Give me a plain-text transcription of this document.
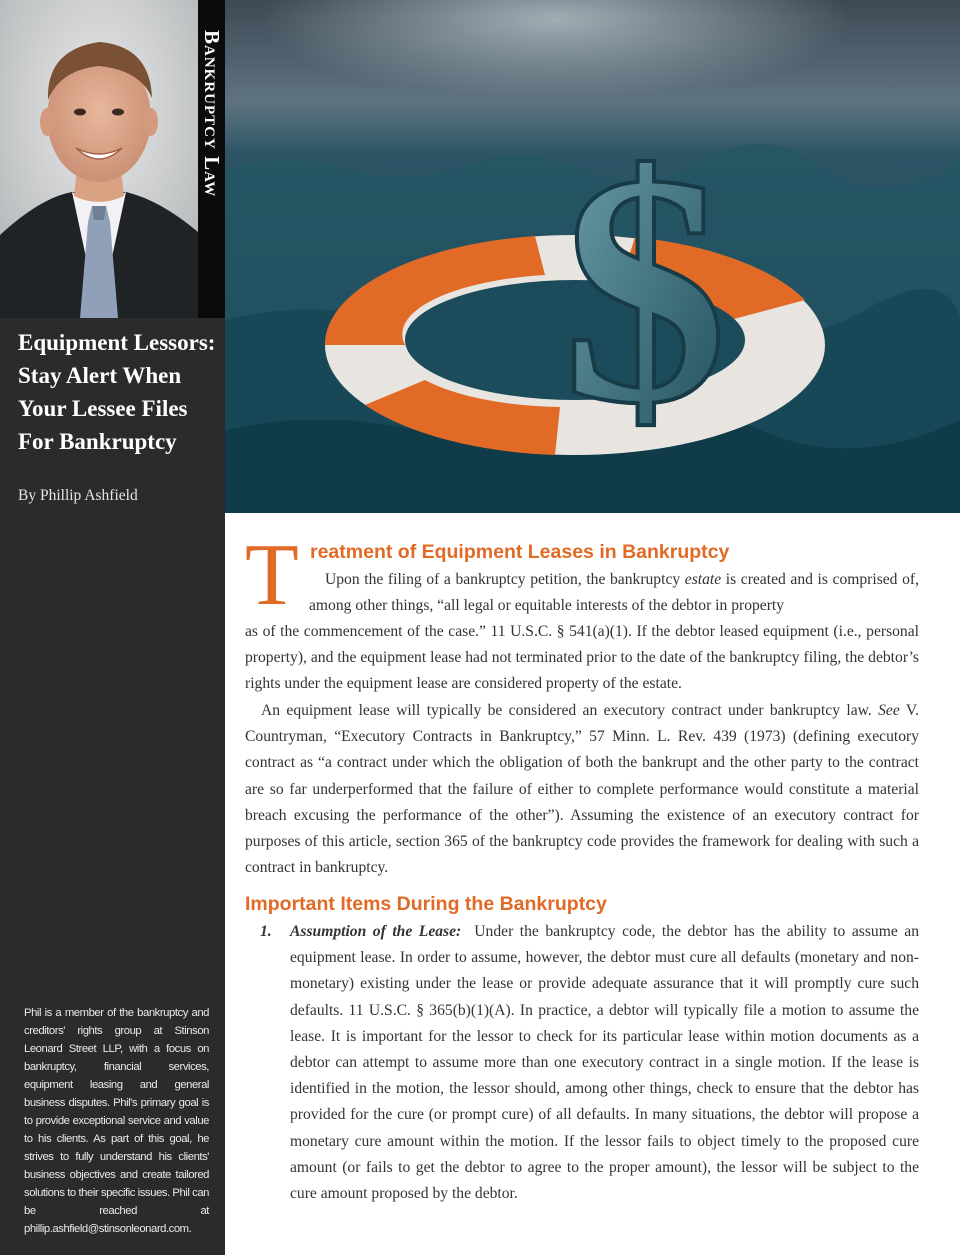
Bankruptcy Law
Equipment Lessors:
Stay Alert When
Your Lessee Files
For Bankruptcy
By Phillip Ashfield
Phil is a member of the bankruptcy and creditors' rights group at Stinson Leonard Street LLP, with a focus on bankruptcy, financial services, equipment leasing and general business disputes. Phil's primary goal is to provide exceptional service and value to his clients. As part of this goal, he strives to fully understand his clients' business objectives and create tailored solutions to their specific issues. Phil can be reached at phillip.ashfield@stinsonleonard.com.
$
T reatment of Equipment Leases in Bankruptcy
Upon the filing of a bankruptcy petition, the bankruptcy estate is created and is comprised of, among other things, “all legal or equitable interests of the debtor in property
as of the commencement of the case.” 11 U.S.C. § 541(a)(1). If the debtor leased equipment (i.e., personal property), and the equipment lease had not terminated prior to the date of the bankruptcy filing, the debtor’s rights under the equipment lease are considered property of the estate.
An equipment lease will typically be considered an executory contract under bankruptcy law. See V. Countryman, “Executory Contracts in Bankruptcy,” 57 Minn. L. Rev. 439 (1973) (defining executory contract as “a contract under which the obligation of both the bankrupt and the other party to the contract are so far underperformed that the failure of either to complete performance would constitute a material breach excusing the performance of the other”). Assuming the existence of an executory contract for purposes of this article, section 365 of the bankruptcy code provides the framework for dealing with such a contract in bankruptcy.
Important Items During the Bankruptcy
1. Assumption of the Lease: Under the bankruptcy code, the debtor has the ability to assume an equipment lease. In order to assume, however, the debtor must cure all defaults (monetary and non-monetary) existing under the lease or provide adequate assurance that it will promptly cure such defaults. 11 U.S.C. § 365(b)(1)(A). In practice, a debtor will typically file a motion to assume the lease. It is important for the lessor to check for its particular lease within motion documents as a debtor can attempt to assume more than one executory contract in a single motion. If the lease is identified in the motion, the lessor should, among other things, check to ensure that the debtor has provided for the cure (or prompt cure) of all defaults. In many situations, the debtor will propose a monetary cure amount within the motion. If the lessor fails to object timely to the proposed cure amount (or fails to get the debtor to agree to the proper amount), the lessor will be subject to the cure amount proposed by the debtor.
